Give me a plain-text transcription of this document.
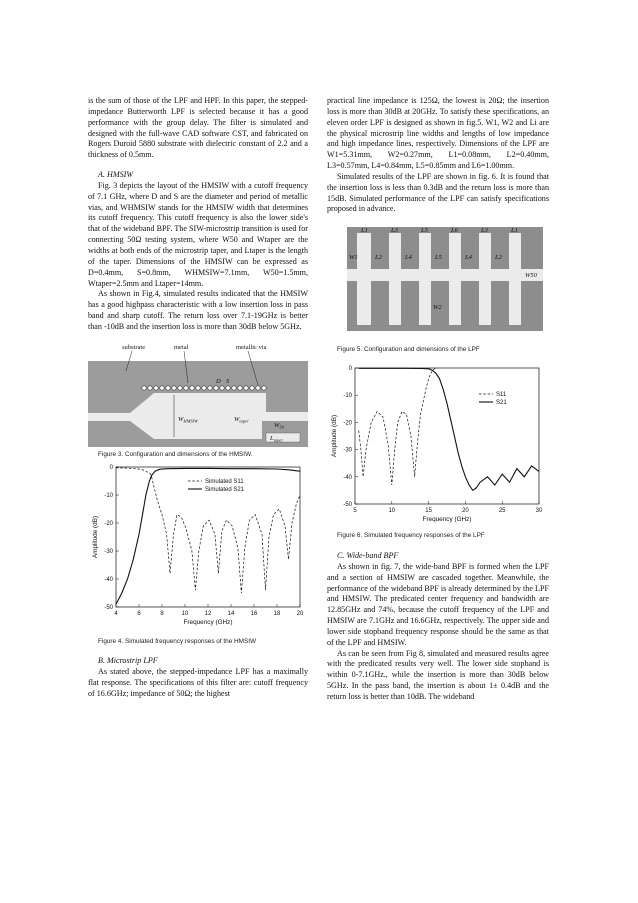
is the sum of those of the LPF and HPF. In this paper, the stepped-impedance Butterworth LPF is selected because it has a good performance with the group delay. The filter is simulated and designed with the full-wave CAD software CST, and fabricated on Rogers Duroid 5880 substrate with dielectric constant of 2.2 and a thickness of 0.5mm.

A. HMSIW

Fig. 3 depicts the layout of the HMSIW with a cutoff frequency of 7.1 GHz, where D and S are the diameter and period of metallic vias, and WHMSIW stands for the HMSIW width that determines its cutoff frequency. This cutoff frequency is also the lower side's that of the wideband BPF. The SIW-microstrip transition is used for connecting 50Ω testing system, where W50 and Wtaper are the widths at both ends of the microstrip taper, and Ltaper is the length of the taper. Dimensions of the HMSIW can be expressed as D=0.4mm, S=0.8mm, WHMSIW=7.1mm, W50=1.5mm, Wtaper=2.5mm and Ltaper=14mm.

As shown in Fig.4, simulated results indicated that the HMSIW has a good highpass characteristic with a low insertion loss in pass band and sharp cutoff. The return loss over 7.1-19GHz is better than -10dB and the insertion loss is more than 30dB below 5GHz.

substrate	metal	metallic via
D S
WHMSIW	Wtaper
W50
Ltaper

Figure 3. Configuration and dimensions of the HMSIW.

4	6	8	10	12	14	16	18	20
0
-10
-20
-30
-40
-50
Frequency (GHz)
Amplitude (dB)
Simulated S11
Simulated S21

Figure 4. Simulated frequency responses of the HMSIW

B. Microstrip LPF

As stated above, the stepped-impedance LPF has a maximally flat response. The specifications of this filter are: cutoff frequency of 16.6GHz; impedance of 50Ω; the highest

practical line impedance is 125Ω, the lowest is 20Ω; the insertion loss is more than 30dB at 20GHz. To satisfy these specifications, an eleven order LPF is designed as shown in fig.5. W1, W2 and Li are the physical microstrip line widths and lengths of low impedance and high impedance lines, respectively. Dimensions of the LPF are W1=5.31mm, W2=0.27mm, L1=0.08mm, L2=0.40mm, L3=0.57mm, L4=0.84mm, L5=0.85mm and L6=1.00mm.

Simulated results of the LPF are shown in fig. 6. It is found that the insertion loss is less than 0.3dB and the return loss is more than 15dB. Simulated performance of the LPF can satisfy specifications proposed in advance.

L1	L3	L5	L6	L3	L1
L2	L4	L5	L4	L2
W1
W2
W50

Figure 5. Configuration and dimensions of the LPF

5	10	15	20	25	30
0
-10
-20
-30
-40
-50
Frequency (GHz)
Amplitude (dB)
S11
S21

Figure 6. Simulated frequency responses of the LPF

C. Wide-band BPF

As shown in fig. 7, the wide-band BPF is formed when the LPF and a section of HMSIW are cascaded together. Meanwhile, the performance of the wideband BPF is already determined by the LPF and HMSIW. The predicated center frequency and bandwidth are 12.85GHz and 74%, because the cutoff frequency of the LPF and HMSIW are 7.1GHz and 16.6GHz, respectively. The upper side and lower side stopband frequency response should be the same as that of the LPF and HMSIW.

As can be seen from Fig 8, simulated and measured results agree with the predicated results very well. The lower side stopband is within 0-7.1GHz., while the insertion is more than 30dB below 5GHz. In the pass band, the insertion is about 1± 0.4dB and the return loss is better than 10dB. The wideband
